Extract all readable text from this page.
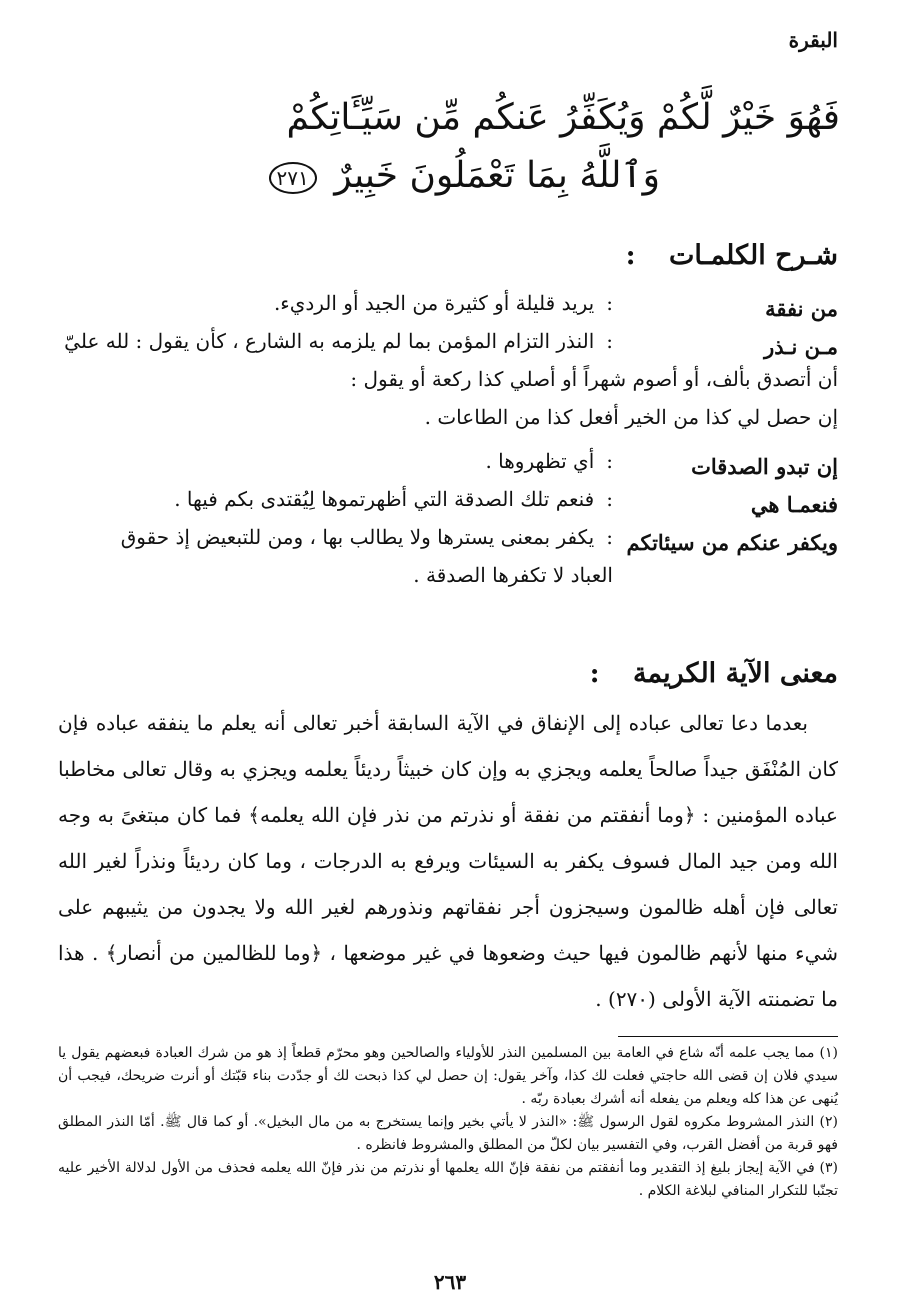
البقرة
فَهُوَ خَيْرٌ لَّكُمْ وَيُكَفِّرُ عَنكُم مِّن سَيِّـَٔاتِكُمْ
وَٱللَّهُ بِمَا تَعْمَلُونَ خَبِيرٌ ٢٧١
شـرح الكلمـات :
من نفقة
:يريد قليلة أو كثيرة من الجيد أو الرديء.
مـن نـذر
:النذر التزام المؤمن بما لم يلزمه به الشارع ، كأن يقول : لله عليّ
أن أتصدق بألف، أو أصوم شهراً أو أصلي كذا ركعة أو يقول :
إن حصل لي كذا من الخير أفعل كذا من الطاعات .
إن تبدو الصدقات
:أي تظهروها .
فنعمـا هي
:فنعم تلك الصدقة التي أظهرتموها لِيُقتدى بكم فيها .
ويكفر عنكم من سيئاتكم
:يكفر بمعنى يسترها ولا يطالب بها ، ومن للتبعيض إذ حقوق
العباد لا تكفرها الصدقة .
معنى الآية الكريمة :

بعدما دعا تعالى عباده إلى الإنفاق في الآية السابقة أخبر تعالى أنه يعلم ما ينفقه عباده فإن كان المُنْفَق جيداً صالحاً يعلمه ويجزي به وإن كان خبيثاً رديئاً يعلمه ويجزي به وقال تعالى مخاطبا عباده المؤمنين : ﴿وما أنفقتم من نفقة أو نذرتم من نذر فإن الله يعلمه﴾ فما كان مبتغىً به وجه الله ومن جيد المال فسوف يكفر به السيئات ويرفع به الدرجات ، وما كان رديئاً ونذراً لغير الله تعالى فإن أهله ظالمون وسيجزون أجر نفقاتهم ونذورهم لغير الله ولا يجدون من يثيبهم على شيء منها لأنهم ظالمون فيها حيث وضعوها في غير موضعها ، ﴿وما للظالمين من أنصار﴾ . هذا ما تضمنته الآية الأولى (٢٧٠) .

(١) مما يجب علمه أنّه شاع في العامة بين المسلمين النذر للأولياء والصالحين وهو محرّم قطعاً إذ هو من شرك العبادة فبعضهم يقول يا سيدي فلان إن قضى الله حاجتي فعلت لك كذا، وآخر يقول: إن حصل لي كذا ذبحت لك أو جدّدت بناء قبّتك أو أنرت ضريحك، فيجب أن يُنهى عن هذا كله ويعلم من يفعله أنه أشرك بعبادة ربّه .

(٢) النذر المشروط مكروه لقول الرسول ﷺ: «النذر لا يأتي بخير وإنما يستخرج به من مال البخيل». أو كما قال ﷺ. أمّا النذر المطلق فهو قربة من أفضل القرب، وفي التفسير بيان لكلّ من المطلق والمشروط فانظره .

(٣) في الآية إيجاز بليغ إذ التقدير وما أنفقتم من نفقة فإنّ الله يعلمها أو نذرتم من نذر فإنّ الله يعلمه فحذف من الأول لدلالة الأخير عليه تجنّبا للتكرار المنافي لبلاغة الكلام .

٢٦٣
